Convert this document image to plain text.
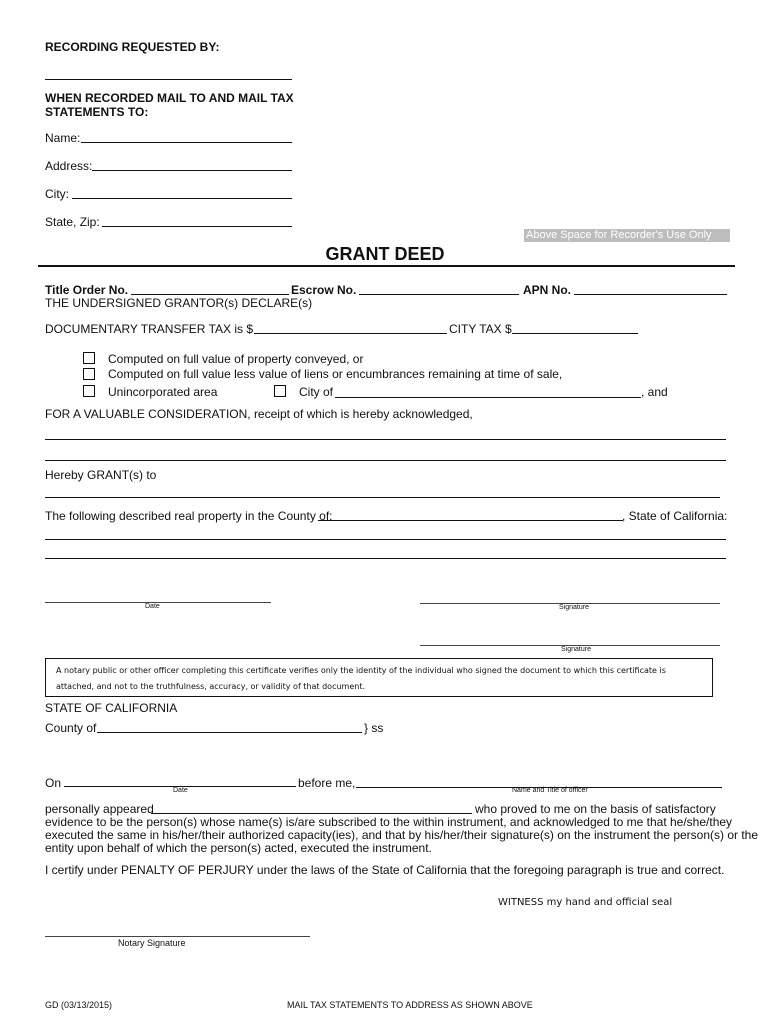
RECORDING REQUESTED BY:
WHEN RECORDED MAIL TO AND MAIL TAX
STATEMENTS TO:
Name:
Address:
City:
State, Zip:
Above Space for Recorder's Use Only
GRANT DEED
Title Order No.	Escrow No.	APN No.
THE UNDERSIGNED GRANTOR(s) DECLARE(s)
DOCUMENTARY TRANSFER TAX is $	CITY TAX $
Computed on full value of property conveyed, or
Computed on full value less value of liens or encumbrances remaining at time of sale,
Unincorporated area	City of	, and
FOR A VALUABLE CONSIDERATION, receipt of which is hereby acknowledged,
Hereby GRANT(s) to
The following described real property in the County of:	, State of California:
Date	Signature
Signature
A notary public or other officer completing this certificate verifies only the identity of the individual who signed the document to which this certificate is
attached, and not to the truthfulness, accuracy, or validity of that document.
STATE OF CALIFORNIA
County of	} ss
On	before me,
Date	Name and Title of officer
personally appeared	who proved to me on the basis of satisfactory
evidence to be the person(s) whose name(s) is/are subscribed to the within instrument, and acknowledged to me that he/she/they
executed the same in his/her/their authorized capacity(ies), and that by his/her/their signature(s) on the instrument the person(s) or the
entity upon behalf of which the person(s) acted, executed the instrument.
I certify under PENALTY OF PERJURY under the laws of the State of California that the foregoing paragraph is true and correct.
WITNESS my hand and official seal
Notary Signature
GD (03/13/2015)	MAIL TAX STATEMENTS TO ADDRESS AS SHOWN ABOVE
